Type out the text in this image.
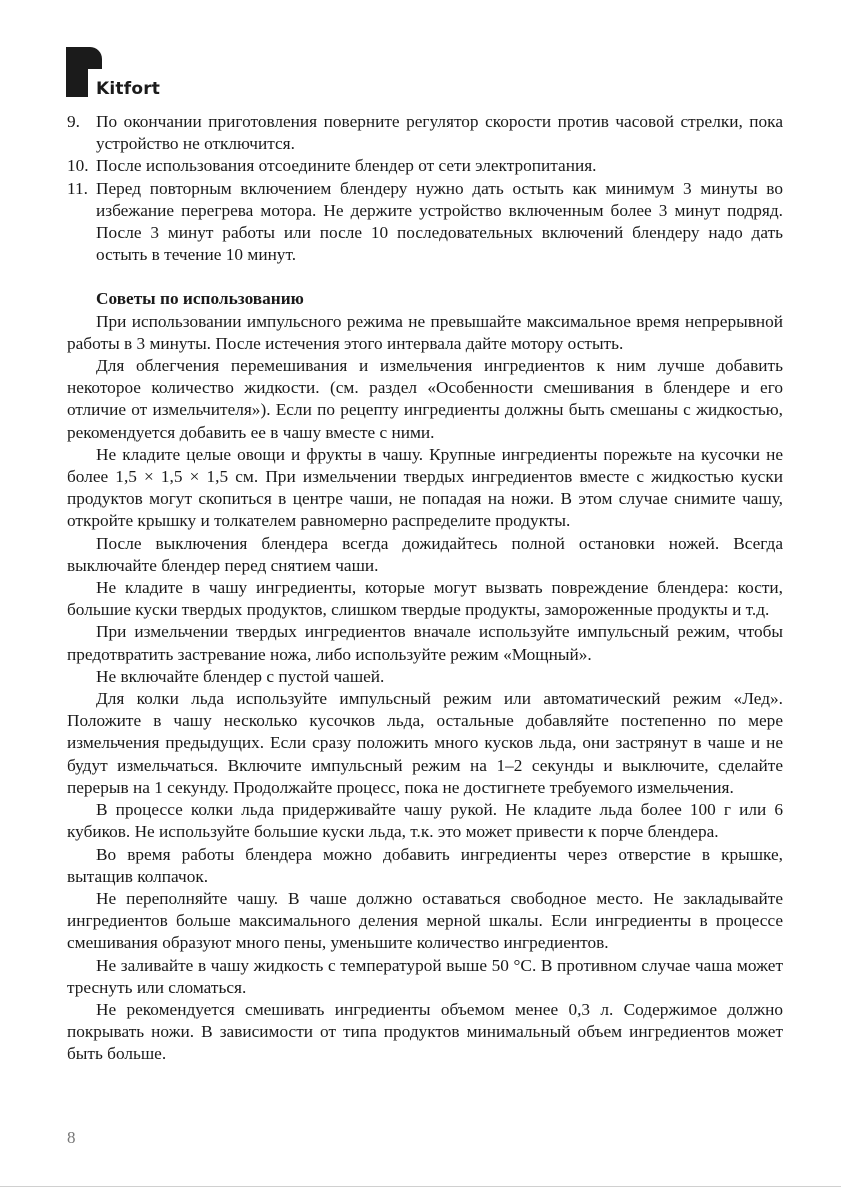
Kitfort
9. По окончании приготовления поверните регулятор скорости против часовой стрелки, пока устройство не отключится.
10. После использования отсоедините блендер от сети электропитания.
11. Перед повторным включением блендеру нужно дать остыть как минимум 3 минуты во избежание перегрева мотора. Не держите устройство включенным более 3 минут подряд. После 3 минут работы или после 10 последовательных включений блендеру надо дать остыть в течение 10 минут.
Советы по использованию

При использовании импульсного режима не превышайте максимальное время непрерывной работы в 3 минуты. После истечения этого интервала дайте мотору остыть.

Для облегчения перемешивания и измельчения ингредиентов к ним лучше добавить некоторое количество жидкости. (см. раздел «Особенности смешивания в блендере и его отличие от измельчителя»). Если по рецепту ингредиенты должны быть смешаны с жидкостью, рекомендуется добавить ее в чашу вместе с ними.

Не кладите целые овощи и фрукты в чашу. Крупные ингредиенты порежьте на кусочки не более 1,5 × 1,5 × 1,5 см. При измельчении твердых ингредиентов вместе с жидкостью куски продуктов могут скопиться в центре чаши, не попадая на ножи. В этом случае снимите чашу, откройте крышку и толкателем равномерно распределите продукты.

После выключения блендера всегда дожидайтесь полной остановки ножей. Всегда выключайте блендер перед снятием чаши.

Не кладите в чашу ингредиенты, которые могут вызвать повреждение блендера: кости, большие куски твердых продуктов, слишком твердые продукты, замороженные продукты и т.д.

При измельчении твердых ингредиентов вначале используйте импульсный режим, чтобы предотвратить застревание ножа, либо используйте режим «Мощный».

Не включайте блендер с пустой чашей.

Для колки льда используйте импульсный режим или автоматический режим «Лед». Положите в чашу несколько кусочков льда, остальные добавляйте постепенно по мере измельчения предыдущих. Если сразу положить много кусков льда, они застрянут в чаше и не будут измельчаться. Включите импульсный режим на 1–2 секунды и выключите, сделайте перерыв на 1 секунду. Продолжайте процесс, пока не достигнете требуемого измельчения.

В процессе колки льда придерживайте чашу рукой. Не кладите льда более 100 г или 6 кубиков. Не используйте большие куски льда, т.к. это может привести к порче блендера.

Во время работы блендера можно добавить ингредиенты через отверстие в крышке, вытащив колпачок.

Не переполняйте чашу. В чаше должно оставаться свободное место. Не закладывайте ингредиентов больше максимального деления мерной шкалы. Если ингредиенты в процессе смешивания образуют много пены, уменьшите количество ингредиентов.

Не заливайте в чашу жидкость с температурой выше 50 °C. В противном случае чаша может треснуть или сломаться.

Не рекомендуется смешивать ингредиенты объемом менее 0,3 л. Содержимое должно покрывать ножи. В зависимости от типа продуктов минимальный объем ингредиентов может быть больше.

8
